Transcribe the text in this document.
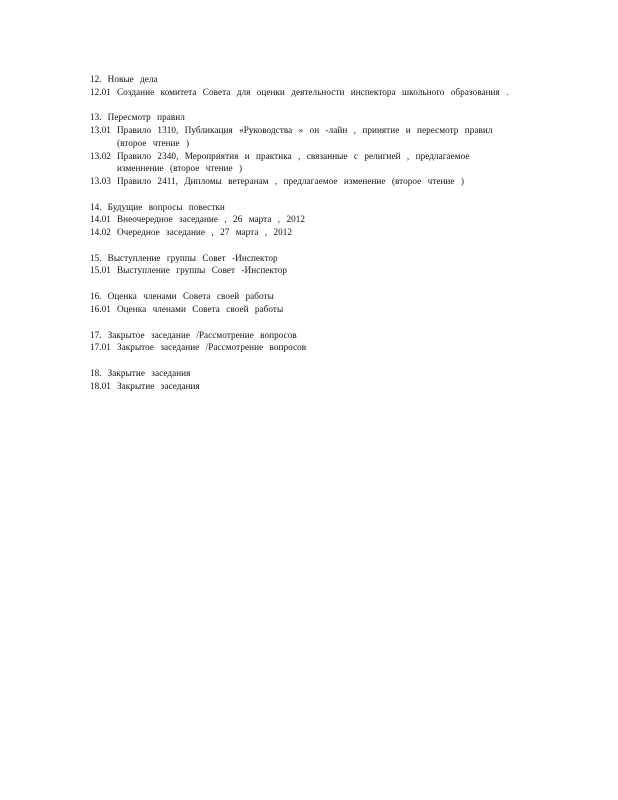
12. Новые дела
12.01 Создание комитета Совета для оценки деятельности инспектора школьного образования .
13. Пересмотр правил
13.01 Правило 1310, Публикация «Руководства » он -лайн , принятие и пересмотр правил (второе чтение )
13.02 Правило 2340, Мероприятия и практика , связанные с религией , предлагаемое изменнение (второе чтение )
13.03 Правило 2411, Дипломы ветеранам , предлагаемое изменение (второе чтение )
14. Будущие вопросы повестки
14.01 Внеочередное заседание , 26 марта , 2012
14.02 Очередное заседание , 27 марта , 2012
15. Выступление группы Совет -Инспектор
15.01 Выступление группы Совет -Инспектор
16. Оценка членами Совета своей работы
16.01 Оценка членами Совета своей работы
17. Закрытое заседание /Рассмотрение вопросов
17.01 Закрытое заседание /Рассмотрение вопросов
18. Закрытие заседания
18.01 Закрытие заседания
